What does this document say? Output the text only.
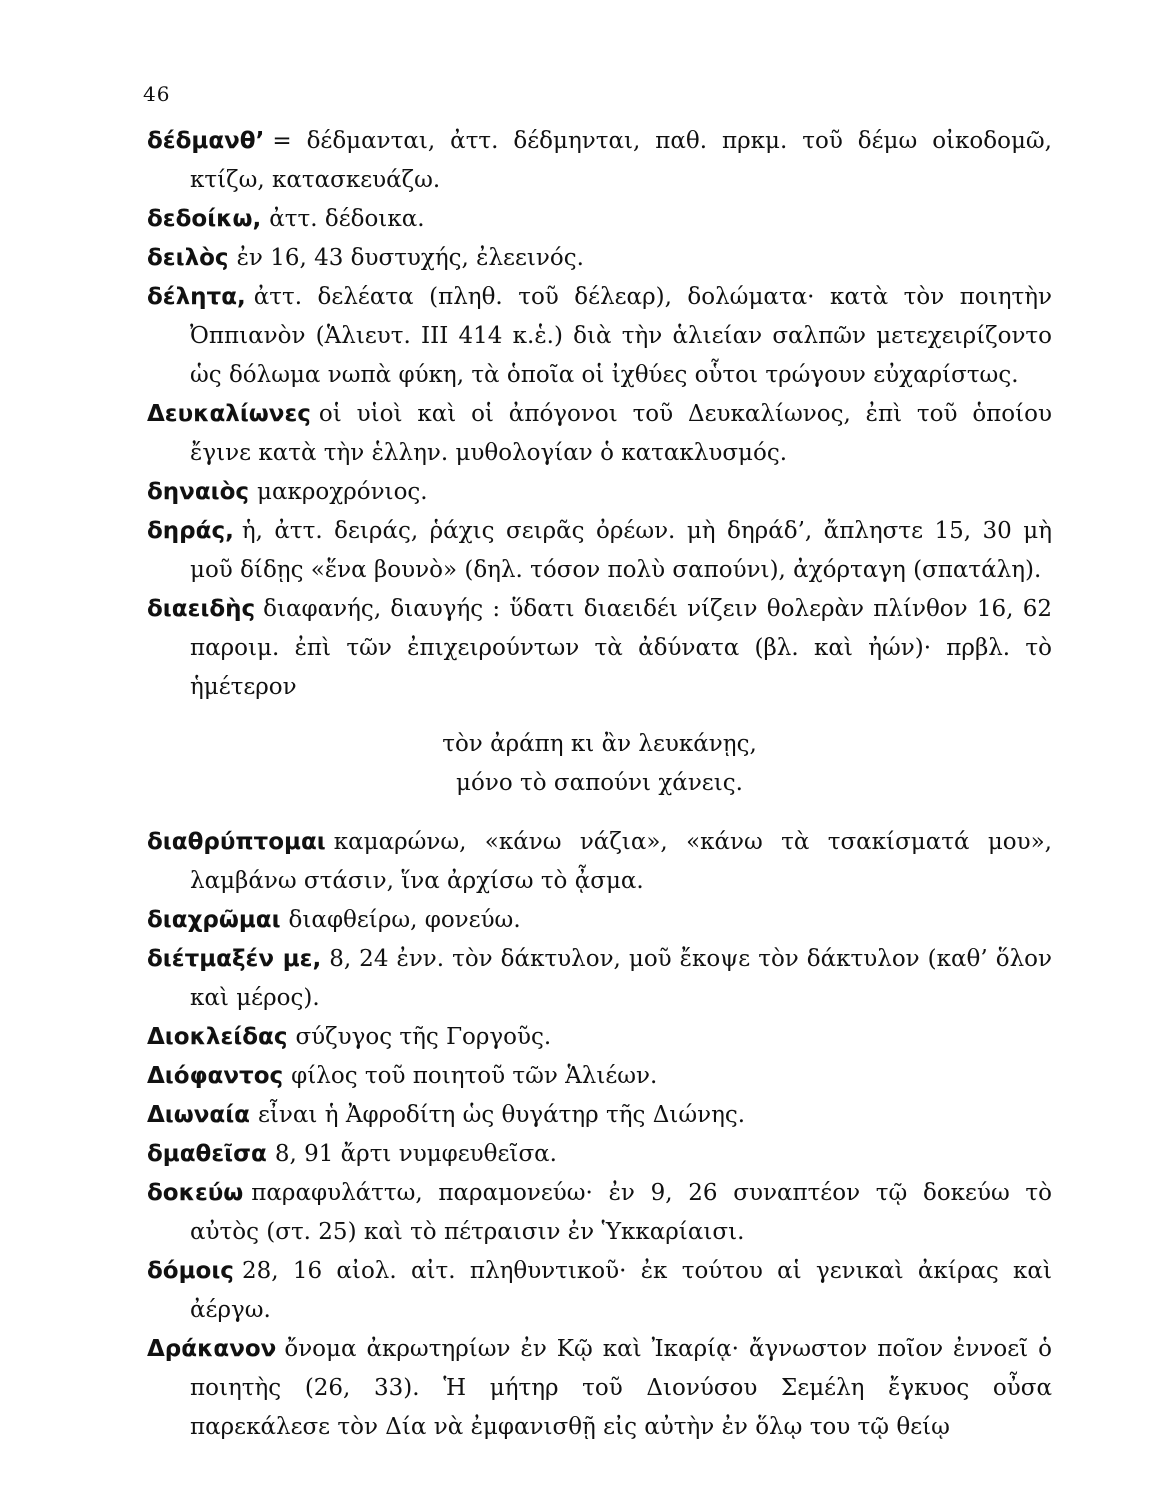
46

δέδμανθ’ = δέδμανται, ἀττ. δέδμηνται, παθ. πρκμ. τοῦ δέμω οἰκοδομῶ, κτίζω, κατασκευάζω.

δεδοίκω, ἀττ. δέδοικα.

δειλὸς ἐν 16, 43 δυστυχής, ἐλεεινός.

δέλητα, ἀττ. δελέατα (πληθ. τοῦ δέλεαρ), δολώματα· κατὰ τὸν ποιητὴν Ὀππιανὸν (Ἁλιευτ. III 414 κ.ἑ.) διὰ τὴν ἁλιείαν σαλπῶν μετεχειρίζοντο ὡς δόλωμα νωπὰ φύκη, τὰ ὁποῖα οἱ ἰχθύες οὗτοι τρώγουν εὐχαρίστως.

Δευκαλίωνες οἱ υἱοὶ καὶ οἱ ἀπόγονοι τοῦ Δευκαλίωνος, ἐπὶ τοῦ ὁποίου ἔγινε κατὰ τὴν ἑλλην. μυθολογίαν ὁ κατακλυσμός.

δηναιὸς μακροχρόνιος.

δηράς, ἡ, ἀττ. δειράς, ῥάχις σειρᾶς ὀρέων. μὴ δηράδ’, ἄπληστε 15, 30 μὴ μοῦ δίδῃς «ἕνα βουνὸ» (δηλ. τόσον πολὺ σαπούνι), ἀχόρταγη (σπατάλη).

διαειδὴς διαφανής, διαυγής : ὕδατι διαειδέι νίζειν θολερὰν πλίνθον 16, 62 παροιμ. ἐπὶ τῶν ἐπιχειρούντων τὰ ἀδύνατα (βλ. καὶ ἠών)· πρβλ. τὸ ἡμέτερον

τὸν ἀράπη κι ἂν λευκάνῃς,
μόνο τὸ σαπούνι χάνεις.

διαθρύπτομαι καμαρώνω, «κάνω νάζια», «κάνω τὰ τσακίσματά μου», λαμβάνω στάσιν, ἵνα ἀρχίσω τὸ ᾆσμα.

διαχρῶμαι διαφθείρω, φονεύω.

διέτμαξέν με, 8, 24 ἐνν. τὸν δάκτυλον, μοῦ ἔκοψε τὸν δάκτυλον (καθ’ ὅλον καὶ μέρος).

Διοκλείδας σύζυγος τῆς Γοργοῦς.

Διόφαντος φίλος τοῦ ποιητοῦ τῶν Ἁλιέων.

Διωναία εἶναι ἡ Ἀφροδίτη ὡς θυγάτηρ τῆς Διώνης.

δμαθεῖσα 8, 91 ἄρτι νυμφευθεῖσα.

δοκεύω παραφυλάττω, παραμονεύω· ἐν 9, 26 συναπτέον τῷ δοκεύω τὸ αὐτὸς (στ. 25) καὶ τὸ πέτραισιν ἐν Ὑκκαρίαισι.

δόμοις 28, 16 αἰολ. αἰτ. πληθυντικοῦ· ἐκ τούτου αἱ γενικαὶ ἀκίρας καὶ ἀέργω.

Δράκανον ὄνομα ἀκρωτηρίων ἐν Κῷ καὶ Ἰκαρίᾳ· ἄγνωστον ποῖον ἐννοεῖ ὁ ποιητὴς (26, 33). Ἡ μήτηρ τοῦ Διονύσου Σεμέλη ἔγκυος οὖσα παρεκάλεσε τὸν Δία νὰ ἐμφανισθῇ εἰς αὐτὴν ἐν ὅλῳ του τῷ θείῳ
